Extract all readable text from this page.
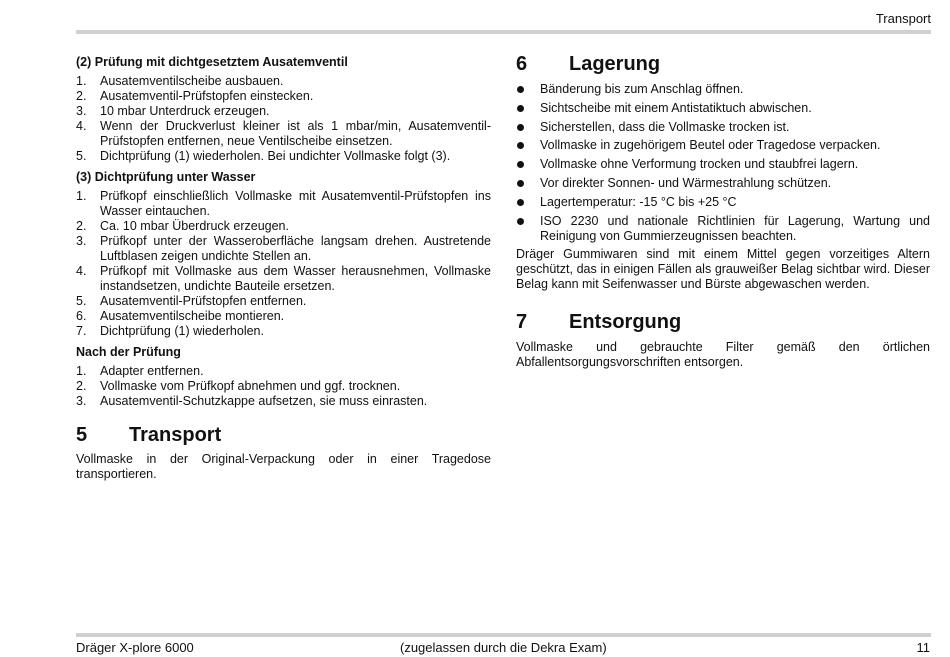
Transport
(2) Prüfung mit dichtgesetztem Ausatemventil
1. Ausatemventilscheibe ausbauen.
2. Ausatemventil-Prüfstopfen einstecken.
3. 10 mbar Unterdruck erzeugen.
4. Wenn der Druckverlust kleiner ist als 1 mbar/min, Ausatemventil-Prüfstopfen entfernen, neue Ventilscheibe einsetzen.
5. Dichtprüfung (1) wiederholen. Bei undichter Vollmaske folgt (3).
(3) Dichtprüfung unter Wasser
1. Prüfkopf einschließlich Vollmaske mit Ausatemventil-Prüfstopfen ins Wasser eintauchen.
2. Ca. 10 mbar Überdruck erzeugen.
3. Prüfkopf unter der Wasseroberfläche langsam drehen. Austretende Luftblasen zeigen undichte Stellen an.
4. Prüfkopf mit Vollmaske aus dem Wasser herausnehmen, Vollmaske instandsetzen, undichte Bauteile ersetzen.
5. Ausatemventil-Prüfstopfen entfernen.
6. Ausatemventilscheibe montieren.
7. Dichtprüfung (1) wiederholen.
Nach der Prüfung
1. Adapter entfernen.
2. Vollmaske vom Prüfkopf abnehmen und ggf. trocknen.
3. Ausatemventil-Schutzkappe aufsetzen, sie muss einrasten.
5	Transport

Vollmaske in der Original-Verpackung oder in einer Tragedose transportieren.

6	Lagerung
Bänderung bis zum Anschlag öffnen.
Sichtscheibe mit einem Antistatiktuch abwischen.
Sicherstellen, dass die Vollmaske trocken ist.
Vollmaske in zugehörigem Beutel oder Tragedose verpacken.
Vollmaske ohne Verformung trocken und staubfrei lagern.
Vor direkter Sonnen- und Wärmestrahlung schützen.
Lagertemperatur: -15 °C bis +25 °C
ISO 2230 und nationale Richtlinien für Lagerung, Wartung und Reinigung von Gummierzeugnissen beachten.

Dräger Gummiwaren sind mit einem Mittel gegen vorzeitiges Altern geschützt, das in einigen Fällen als grauweißer Belag sichtbar wird. Dieser Belag kann mit Seifenwasser und Bürste abgewaschen werden.

7	Entsorgung

Vollmaske und gebrauchte Filter gemäß den örtlichen Abfallentsorgungsvorschriften entsorgen.

Dräger X-plore 6000	(zugelassen durch die Dekra Exam)	11
